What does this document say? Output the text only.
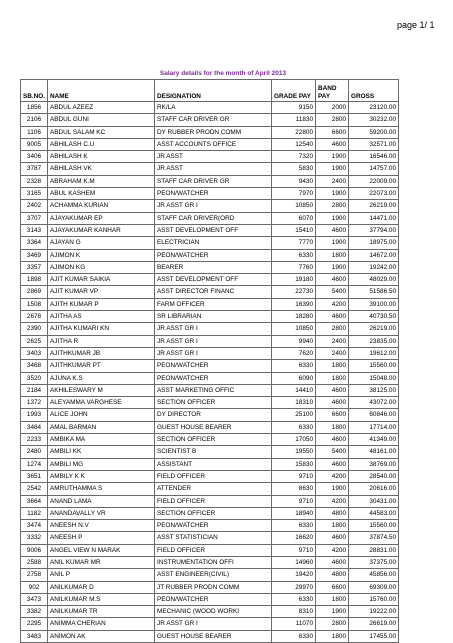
page 1/ 1
Salary details for the month of April 2013
SB.NO.	NAME	DESIGNATION	GRADE PAY	BAND PAY	GROSS
1856	ABDUL AZEEZ	RK/LA	9150	2000	23120.00
2106	ABDUL GUNI	STAFF CAR DRIVER GR	11830	2800	30232.00
1106	ABDUL SALAM KC	DY RUBBER PRODN COMM	22800	6600	59200.00
9005	ABHILASH C.U	ASST ACCOUNTS OFFICE	12540	4600	32571.00
3406	ABHILASH K	JR ASST	7320	1900	16546.00
3787	ABHILASH VK	JR ASST	5830	1900	14757.00
2328	ABRAHAM K.M	STAFF CAR DRIVER GR	9430	2400	22009.00
3165	ABUL KASHEM	PEON/WATCHER	7970	1900	22073.00
2402	ACHAMMA KURIAN	JR ASST GR I	10850	2800	26219.00
3707	AJAYAKUMAR EP	STAFF CAR DRIVER(ORD	6070	1900	14471.00
3143	AJAYAKUMAR KANHAR	ASST DEVELOPMENT OFF	15410	4600	37794.00
3364	AJAYAN G	ELECTRICIAN	7770	1900	18975.00
3469	AJIMON K	PEON/WATCHER	6330	1800	14672.00
3357	AJIMON KG	BEARER	7760	1900	19242.00
1898	AJIT KUMAR SAIKIA	ASST DEVELOPMENT OFF	19180	4600	48029.00
2869	AJIT KUMAR VP	ASST DIRECTOR FINANC	22730	5400	51586.50
1508	AJITH KUMAR P	FARM OFFICER	16390	4200	39100.00
2678	AJITHA AS	SR LIBRARIAN	18280	4600	40730.50
2390	AJITHA KUMARI KN	JR ASST GR I	10850	2800	26219.00
2625	AJITHA R	JR ASST GR I	9940	2400	23835.00
3403	AJITHKUMAR JB	JR ASST GR I	7620	2400	19612.00
3468	AJITHKUMAR PT	PEON/WATCHER	6330	1800	15560.00
3520	AJUNA K.S	PEON/WATCHER	6090	1800	15048.00
2184	AKHILESWARY M	ASST MARKETING OFFIC	14410	4600	38125.00
1372	ALEYAMMA VARGHESE	SECTION OFFICER	18310	4600	43072.00
1993	ALICE JOHN	DY DIRECTOR	25100	6600	60846.00
3484	AMAL BARMAN	GUEST HOUSE BEARER	6330	1800	17714.00
2233	AMBIKA MA	SECTION OFFICER	17050	4600	41349.00
2480	AMBILI KK	SCIENTIST B	19550	5400	48161.00
1274	AMBILI MG	ASSISTANT	15830	4600	38769.00
3651	AMBILY K K	FIELD OFFICER	9710	4200	28540.00
2542	AMRUTHAMMA S	ATTENDER	8630	1900	20616.00
3664	ANAND LAMA	FIELD OFFICER	9710	4200	30431.00
1182	ANANDAVALLY VR	SECTION OFFICER	18940	4800	44583.00
3474	ANEESH N.V	PEON/WATCHER	6330	1800	15560.00
3332	ANEESH P	ASST STATISTICIAN	16620	4600	37874.50
9006	ANGEL VIEW N MARAK	FIELD OFFICER	9710	4200	28831.00
2588	ANIL KUMAR MR	INSTRUMENTATION OFFI	14960	4600	37375.00
2758	ANIL P	ASST ENGINEER(CIVIL)	19420	4800	45856.00
902	ANILKUMAR D	JT RUBBER PRODN COMM	29970	6600	69309.00
3473	ANILKUMAR M.S	PEON/WATCHER	6330	1800	15760.00
3382	ANILKUMAR TR	MECHANIC (WOOD WORKI	8310	1900	19222.00
2295	ANIMMA CHERIAN	JR ASST GR I	11070	2800	26619.00
3483	ANIMON AK	GUEST HOUSE BEARER	6330	1800	17455.00
